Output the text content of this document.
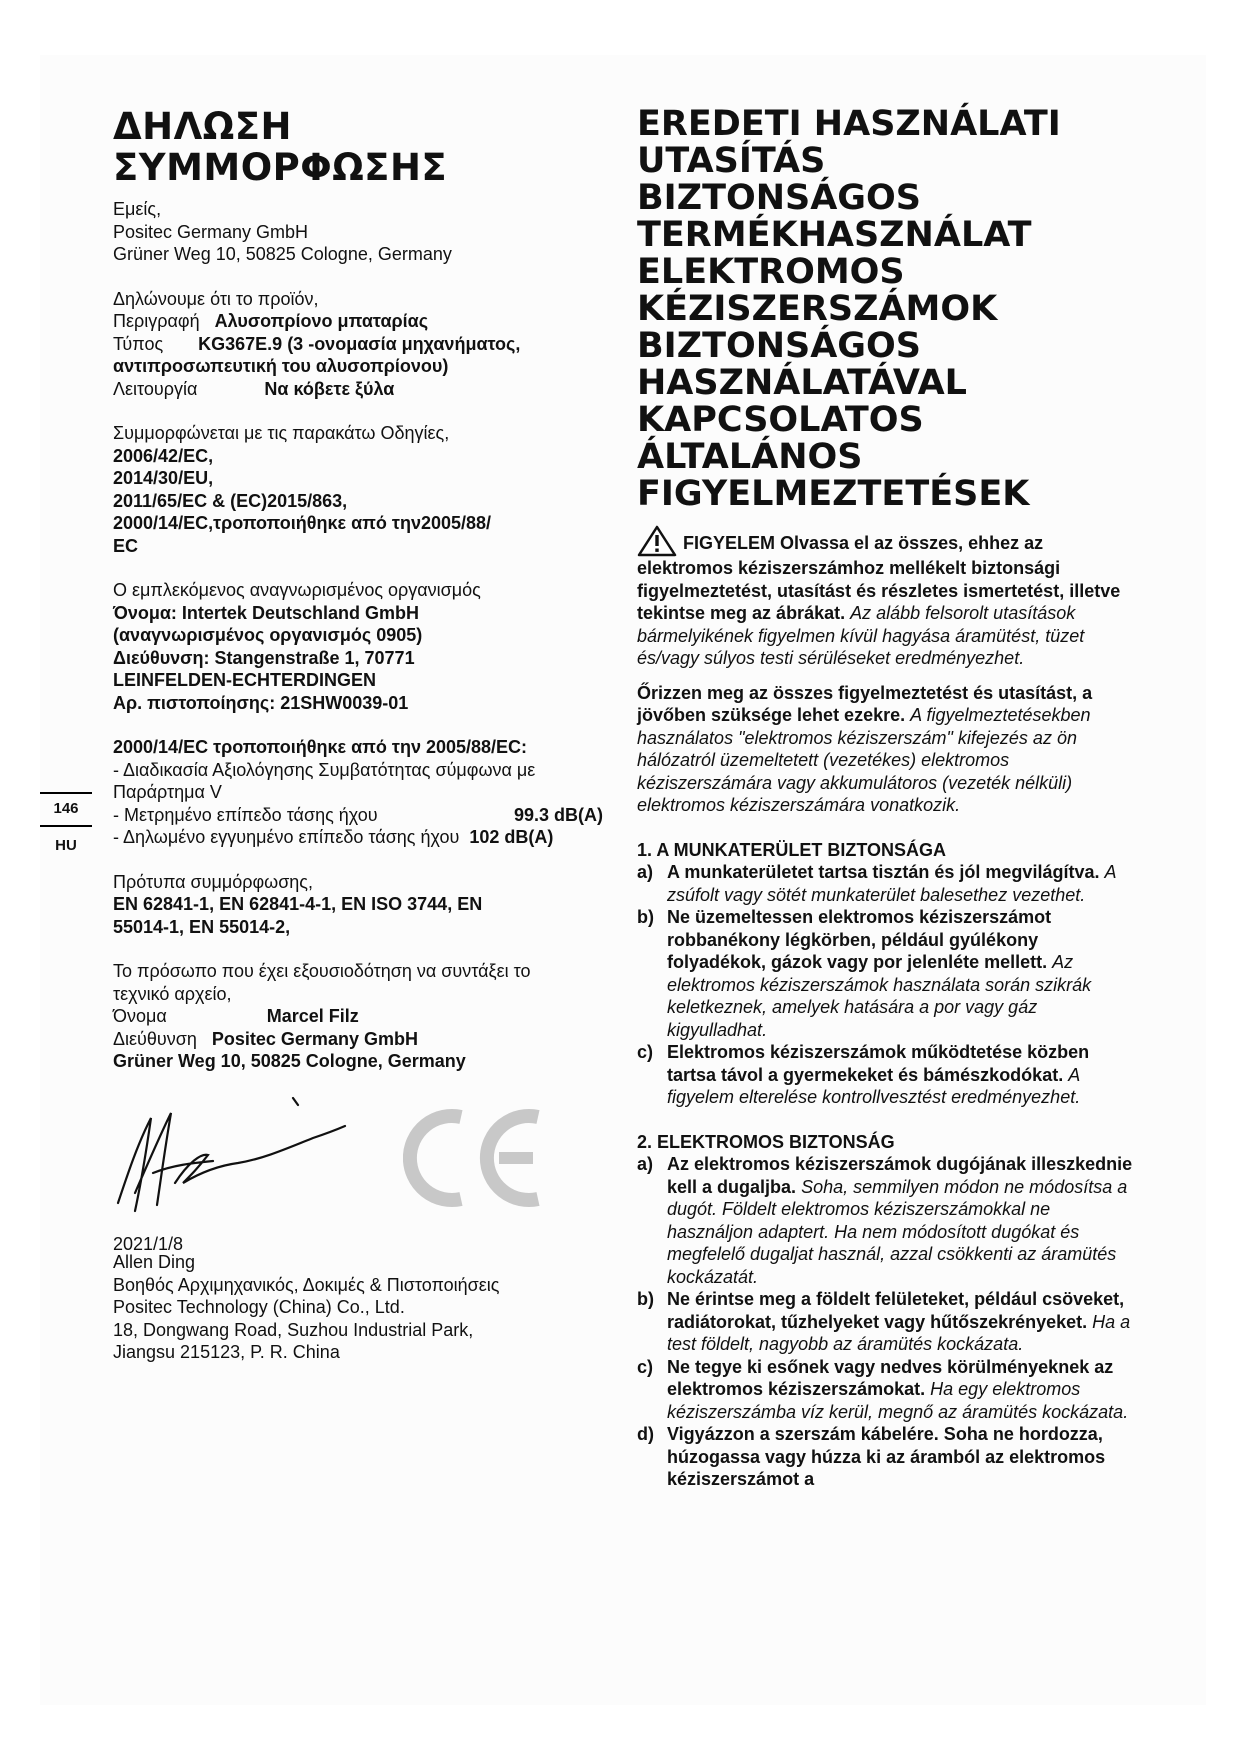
146
HU
ΔΗΛΩΣΗ
ΣΥΜΜΟΡΦΩΣΗΣ
Εμείς,
Positec Germany GmbH
Grüner Weg 10, 50825 Cologne, Germany
Δηλώνουμε ότι το προϊόν,
Περιγραφή Αλυσοπρίονο μπαταρίας
Τύπος KG367E.9 (3 -ονομασία μηχανήματος,
αντιπροσωπευτική του αλυσοπρίονου)
Λειτουργία	Να κόβετε ξύλα
Συμμορφώνεται με τις παρακάτω Οδηγίες,
2006/42/EC,
2014/30/EU,
2011/65/EC & (EC)2015/863,
2000/14/EC,τροποποιήθηκε από την2005/88/
EC
Ο εμπλεκόμενος αναγνωρισμένος οργανισμός
Όνομα: Intertek Deutschland GmbH
(αναγνωρισμένος οργανισμός 0905)
Διεύθυνση: Stangenstraße 1, 70771
LEINFELDEN-ECHTERDINGEN
Αρ. πιστοποίησης: 21SHW0039-01
2000/14/EC τροποποιήθηκε από την 2005/88/EC:
- Διαδικασία Αξιολόγησης Συμβατότητας σύμφωνα με
Παράρτημα V
- Μετρημένο επίπεδο τάσης ήχου	99.3 dB(A)
- Δηλωμένο εγγυημένο επίπεδο τάσης ήχου 102 dB(A)
Πρότυπα συμμόρφωσης,
EN 62841-1, EN 62841-4-1, EN ISO 3744, EN
55014-1, EN 55014-2,
Το πρόσωπο που έχει εξουσιοδότηση να συντάξει το
τεχνικό αρχείο,
Όνομα	Marcel Filz
Διεύθυνση Positec Germany GmbH
Grüner Weg 10, 50825 Cologne, Germany
2021/1/8
Allen Ding
Βοηθός Αρχιμηχανικός, Δοκιμές & Πιστοποιήσεις
Positec Technology (China) Co., Ltd.
18, Dongwang Road, Suzhou Industrial Park,
Jiangsu 215123, P. R. China
EREDETI HASZNÁLATI
UTASÍTÁS
BIZTONSÁGOS
TERMÉKHASZNÁLAT
ELEKTROMOS
KÉZISZERSZÁMOK
BIZTONSÁGOS
HASZNÁLATÁVAL
KAPCSOLATOS
ÁLTALÁNOS
FIGYELMEZTETÉSEK
FIGYELEM Olvassa el az összes, ehhez az elektromos kéziszerszámhoz mellékelt biztonsági figyelmeztetést, utasítást és részletes ismertetést, illetve tekintse meg az ábrákat. Az alább felsorolt utasítások bármelyikének figyelmen kívül hagyása áramütést, tüzet és/vagy súlyos testi sérüléseket eredményezhet.
Őrizzen meg az összes figyelmeztetést és utasítást, a jövőben szüksége lehet ezekre. A figyelmeztetésekben használatos "elektromos kéziszerszám" kifejezés az ön hálózatról üzemeltetett (vezetékes) elektromos kéziszerszámára vagy akkumulátoros (vezeték nélküli) elektromos kéziszerszámára vonatkozik.
1. A MUNKATERÜLET BIZTONSÁGA
a) A munkaterületet tartsa tisztán és jól megvilágítva. A zsúfolt vagy sötét munkaterület balesethez vezethet.
b) Ne üzemeltessen elektromos kéziszerszámot robbanékony légkörben, például gyúlékony folyadékok, gázok vagy por jelenléte mellett. Az elektromos kéziszerszámok használata során szikrák keletkeznek, amelyek hatására a por vagy gáz kigyulladhat.
c) Elektromos kéziszerszámok működtetése közben tartsa távol a gyermekeket és bámészkodókat. A figyelem elterelése kontrollvesztést eredményezhet.
2. ELEKTROMOS BIZTONSÁG
a) Az elektromos kéziszerszámok dugójának illeszkednie kell a dugaljba. Soha, semmilyen módon ne módosítsa a dugót. Földelt elektromos kéziszerszámokkal ne használjon adaptert. Ha nem módosított dugókat és megfelelő dugaljat használ, azzal csökkenti az áramütés kockázatát.
b) Ne érintse meg a földelt felületeket, például csöveket, radiátorokat, tűzhelyeket vagy hűtőszekrényeket. Ha a test földelt, nagyobb az áramütés kockázata.
c) Ne tegye ki esőnek vagy nedves körülményeknek az elektromos kéziszerszámokat. Ha egy elektromos kéziszerszámba víz kerül, megnő az áramütés kockázata.
d) Vigyázzon a szerszám kábelére. Soha ne hordozza, húzogassa vagy húzza ki az áramból az elektromos kéziszerszámot a
